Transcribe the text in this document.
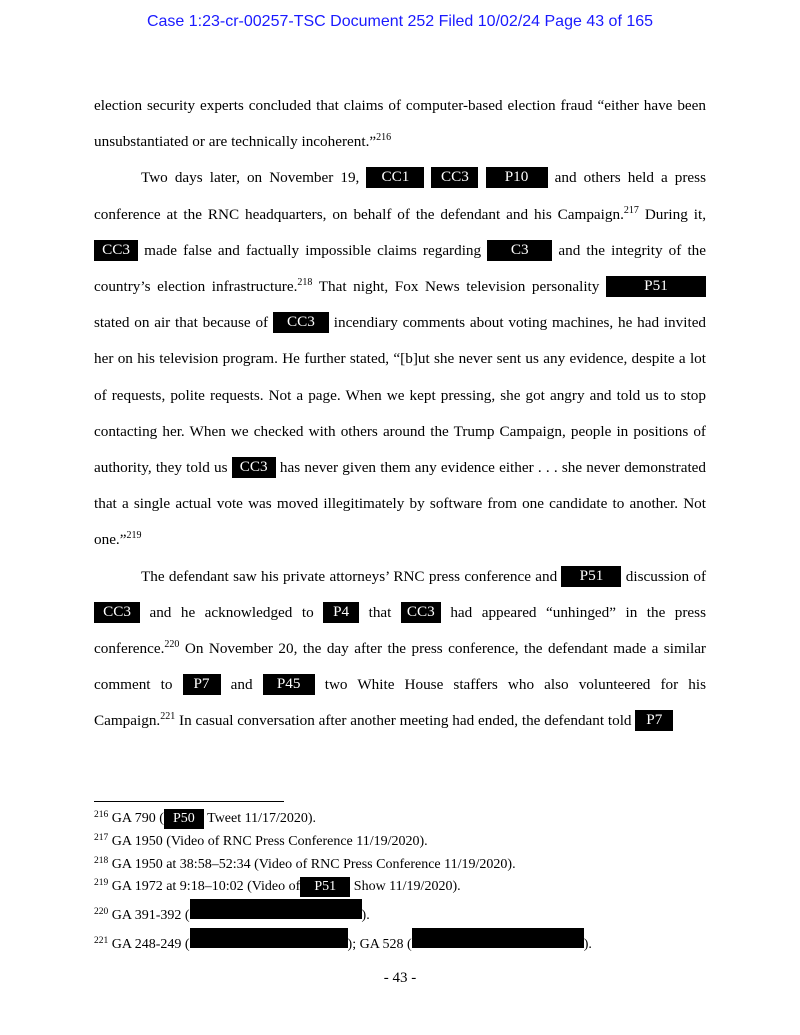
Case 1:23-cr-00257-TSC Document 252 Filed 10/02/24 Page 43 of 165

election security experts concluded that claims of computer-based election fraud “either have been unsubstantiated or are technically incoherent.”$^{216}$

Two days later, on November 19, CC1 CC3 P10 and others held a press conference at the RNC headquarters, on behalf of the defendant and his Campaign.$^{217}$ During it, CC3 made false and factually impossible claims regarding C3 and the integrity of the country’s election infrastructure.$^{218}$ That night, Fox News television personality	P51 stated on air that because of CC3 incendiary comments about voting machines, he had invited her on his television program. He further stated, “[b]ut she never sent us any evidence, despite a lot of requests, polite requests. Not a page. When we kept pressing, she got angry and told us to stop contacting her. When we checked with others around the Trump Campaign, people in positions of authority, they told us CC3 has never given them any evidence either . . . she never demonstrated that a single actual vote was moved illegitimately by software from one candidate to another. Not one.”$^{219}$

The defendant saw his private attorneys’ RNC press conference and P51 discussion of CC3 and he acknowledged to P4 that CC3 had appeared “unhinged” in the press conference.$^{220}$ On November 20, the day after the press conference, the defendant made a similar comment to P7 and P45 two White House staffers who also volunteered for his Campaign.$^{221}$ In casual conversation after another meeting had ended, the defendant told P7

$^{216}$ GA 790 ( P50 Tweet 11/17/2020).
$^{217}$ GA 1950 (Video of RNC Press Conference 11/19/2020).
$^{218}$ GA 1950 at 38:58–52:34 (Video of RNC Press Conference 11/19/2020).
$^{219}$ GA 1972 at 9:18–10:02 (Video of P51 Show 11/19/2020).
$^{220}$ GA 391-392 (	).
$^{221}$ GA 248-249 (	); GA 528 (	).
- 43 -
